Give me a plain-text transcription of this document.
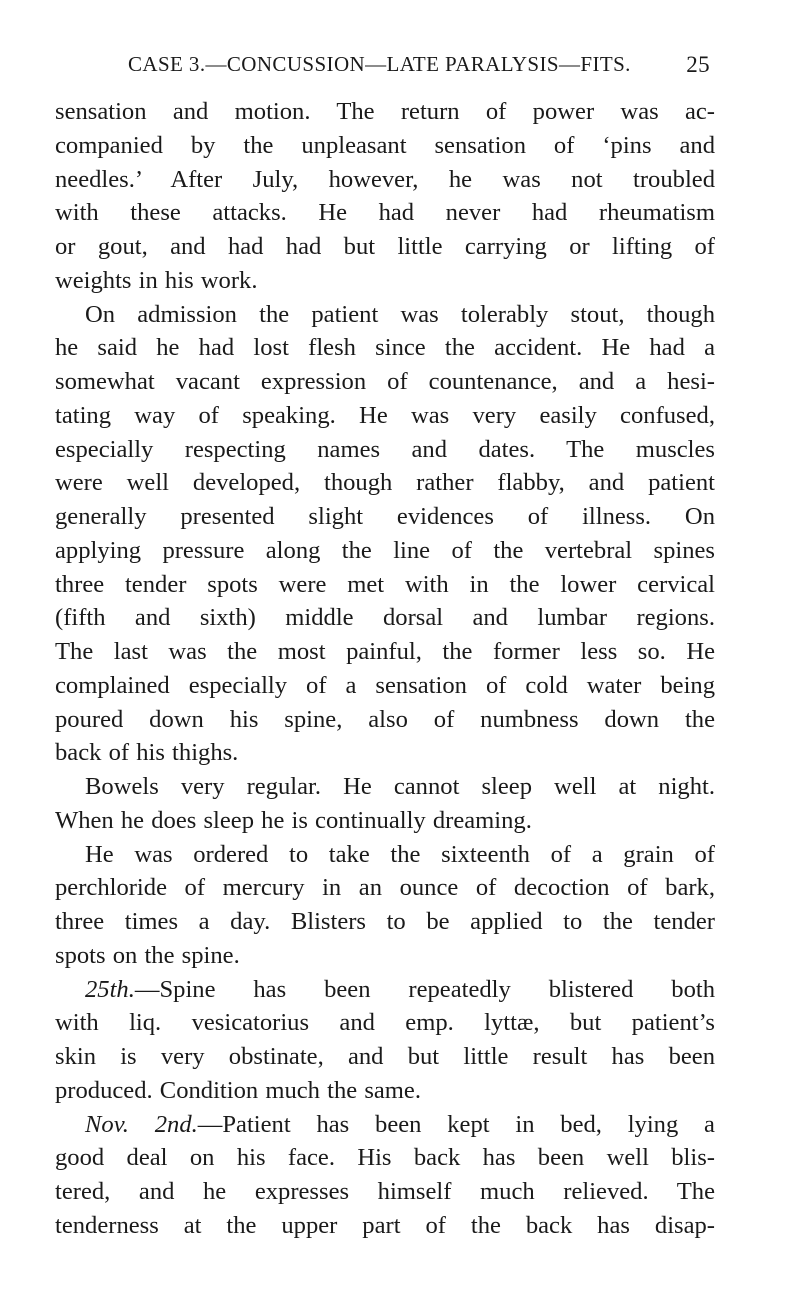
CASE 3.—CONCUSSION—LATE PARALYSIS—FITS. 25

sensation and motion. The return of power was ac-

companied by the unpleasant sensation of ‘pins and

needles.’ After July, however, he was not troubled

with these attacks. He had never had rheumatism

or gout, and had had but little carrying or lifting of

weights in his work.

On admission the patient was tolerably stout, though

he said he had lost flesh since the accident. He had a

somewhat vacant expression of countenance, and a hesi-

tating way of speaking. He was very easily confused,

especially respecting names and dates. The muscles

were well developed, though rather flabby, and patient

generally presented slight evidences of illness. On

applying pressure along the line of the vertebral spines

three tender spots were met with in the lower cervical

(fifth and sixth) middle dorsal and lumbar regions.

The last was the most painful, the former less so. He

complained especially of a sensation of cold water being

poured down his spine, also of numbness down the

back of his thighs.

Bowels very regular. He cannot sleep well at night.

When he does sleep he is continually dreaming.

He was ordered to take the sixteenth of a grain of

perchloride of mercury in an ounce of decoction of bark,

three times a day. Blisters to be applied to the tender

spots on the spine.

25th.—Spine has been repeatedly blistered both

with liq. vesicatorius and emp. lyttæ, but patient’s

skin is very obstinate, and but little result has been

produced. Condition much the same.

Nov. 2nd.—Patient has been kept in bed, lying a

good deal on his face. His back has been well blis-

tered, and he expresses himself much relieved. The

tenderness at the upper part of the back has disap-
